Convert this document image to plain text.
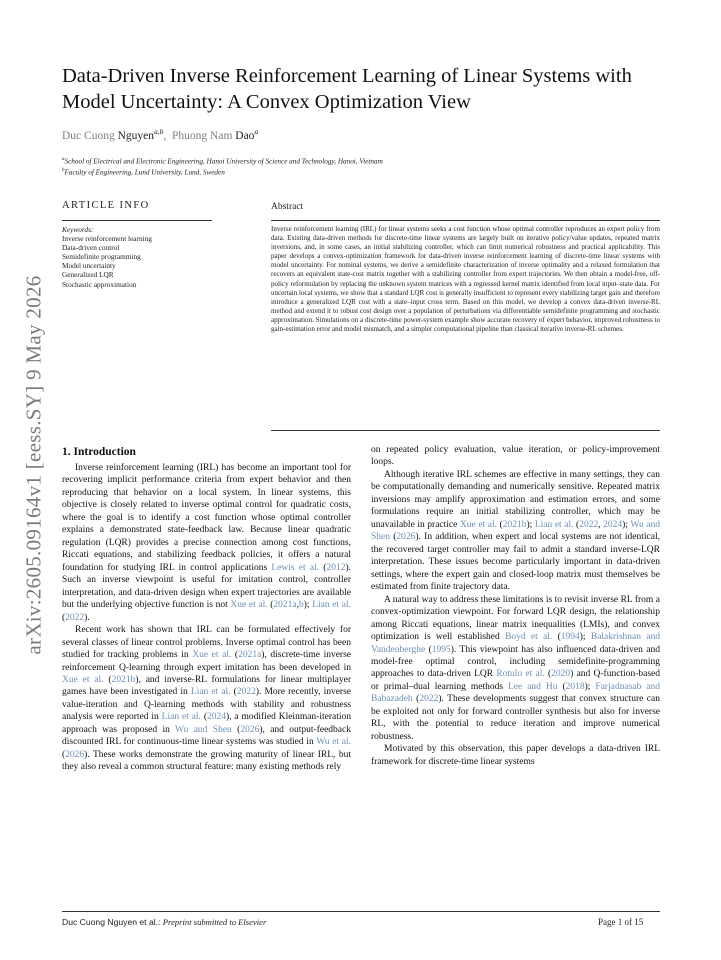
arXiv:2605.09164v1 [eess.SY] 9 May 2026
Data-Driven Inverse Reinforcement Learning of Linear Systems with
Model Uncertainty: A Convex Optimization View
Duc Cuong Nguyen$^{a,b}$,  Phuong Nam Dao$^a$
$^a$School of Electrical and Electronic Engineering, Hanoi University of Science and Technology, Hanoi, Vietnam
$^b$Faculty of Engineering, Lund University, Lund, Sweden
ARTICLE INFO
Keywords:
Inverse reinforcement learning
Data-driven control
Semidefinite programming
Model uncertainty
Generalized LQR
Stochastic approximation
Abstract
Inverse reinforcement learning (IRL) for linear systems seeks a cost function whose optimal controller reproduces an expert policy from data. Existing data-driven methods for discrete-time linear systems are largely built on iterative policy/value updates, repeated matrix inversions, and, in some cases, an initial stabilizing controller, which can limit numerical robustness and practical applicability. This paper develops a convex-optimization framework for data-driven inverse reinforcement learning of discrete-time linear systems with model uncertainty. For nominal systems, we derive a semidefinite characterization of inverse optimality and a relaxed formulation that recovers an equivalent state-cost matrix together with a stabilizing controller from expert trajectories. We then obtain a model-free, off-policy reformulation by replacing the unknown system matrices with a regressed kernel matrix identified from local input–state data. For uncertain local systems, we show that a standard LQR cost is generally insufficient to represent every stabilizing target gain and therefore introduce a generalized LQR cost with a state–input cross term. Based on this model, we develop a convex data-driven inverse-RL method and extend it to robust cost design over a population of perturbations via differentiable semidefinite programming and stochastic approximation. Simulations on a discrete-time power-system example show accurate recovery of expert behavior, improved robustness to gain-estimation error and model mismatch, and a simpler computational pipeline than classical iterative inverse-RL schemes.
1. Introduction

Inverse reinforcement learning (IRL) has become an important tool for recovering implicit performance criteria from expert behavior and then reproducing that behavior on a local system. In linear systems, this objective is closely related to inverse optimal control for quadratic costs, where the goal is to identify a cost function whose optimal controller explains a demonstrated state-feedback law. Because linear quadratic regulation (LQR) provides a precise connection among cost functions, Riccati equations, and stabilizing feedback policies, it offers a natural foundation for studying IRL in control applications Lewis et al. (2012). Such an inverse viewpoint is useful for imitation control, controller interpretation, and data-driven design when expert trajectories are available but the underlying objective function is not Xue et al. (2021a,b); Lian et al. (2022).

Recent work has shown that IRL can be formulated effectively for several classes of linear control problems. Inverse optimal control has been studied for tracking problems in Xue et al. (2021a), discrete-time inverse reinforcement Q-learning through expert imitation has been developed in Xue et al. (2021b), and inverse-RL formulations for linear multiplayer games have been investigated in Lian et al. (2022). More recently, inverse value-iteration and Q-learning methods with stability and robustness analysis were reported in Lian et al. (2024), a modified Kleinman-iteration approach was proposed in Wu and Shen (2026), and output-feedback discounted IRL for continuous-time linear systems was studied in Wu et al. (2026). These works demonstrate the growing maturity of linear IRL, but they also reveal a common structural feature: many existing methods rely

on repeated policy evaluation, value iteration, or policy-improvement loops.

Although iterative IRL schemes are effective in many settings, they can be computationally demanding and numerically sensitive. Repeated matrix inversions may amplify approximation and estimation errors, and some formulations require an initial stabilizing controller, which may be unavailable in practice Xue et al. (2021b); Lian et al. (2022, 2024); Wu and Shen (2026). In addition, when expert and local systems are not identical, the recovered target controller may fail to admit a standard inverse-LQR interpretation. These issues become particularly important in data-driven settings, where the expert gain and closed-loop matrix must themselves be estimated from finite trajectory data.

A natural way to address these limitations is to revisit inverse RL from a convex-optimization viewpoint. For forward LQR design, the relationship among Riccati equations, linear matrix inequalities (LMIs), and convex optimization is well established Boyd et al. (1994); Balakrishnan and Vandenberghe (1995). This viewpoint has also influenced data-driven and model-free optimal control, including semidefinite-programming approaches to data-driven LQR Rotulo et al. (2020) and Q-function-based or primal–dual learning methods Lee and Hu (2018); Farjadnasab and Babazadeh (2022). These developments suggest that convex structure can be exploited not only for forward controller synthesis but also for inverse RL, with the potential to reduce iteration and improve numerical robustness.

Motivated by this observation, this paper develops a data-driven IRL framework for discrete-time linear systems

Duc Cuong Nguyen et al.: Preprint submitted to Elsevier	Page 1 of 15
